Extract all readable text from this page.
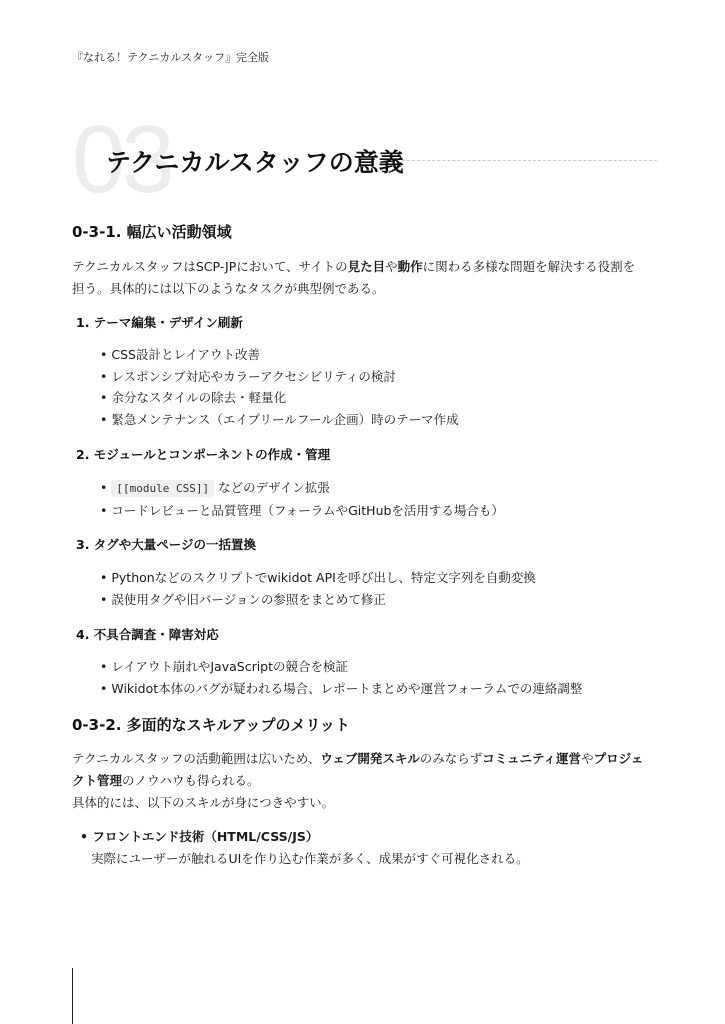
『なれる！テクニカルスタッフ』完全版
03
テクニカルスタッフの意義
0-3-1. 幅広い活動領域
テクニカルスタッフはSCP-JPにおいて、サイトの見た目や動作に関わる多様な問題を解決する役割を
担う。具体的には以下のようなタスクが典型例である。
1. テーマ編集・デザイン刷新
• CSS設計とレイアウト改善
• レスポンシブ対応やカラーアクセシビリティの検討
• 余分なスタイルの除去・軽量化
• 緊急メンテナンス（エイプリールフール企画）時のテーマ作成
2. モジュールとコンポーネントの作成・管理
• [[module CSS]] などのデザイン拡張
• コードレビューと品質管理（フォーラムやGitHubを活用する場合も）
3. タグや大量ページの一括置換
• Pythonなどのスクリプトでwikidot APIを呼び出し、特定文字列を自動変換
• 誤使用タグや旧バージョンの参照をまとめて修正
4. 不具合調査・障害対応
• レイアウト崩れやJavaScriptの競合を検証
• Wikidot本体のバグが疑われる場合、レポートまとめや運営フォーラムでの連絡調整
0-3-2. 多面的なスキルアップのメリット
テクニカルスタッフの活動範囲は広いため、ウェブ開発スキルのみならずコミュニティ運営やプロジェ
クト管理のノウハウも得られる。
具体的には、以下のスキルが身につきやすい。
• フロントエンド技術（HTML/CSS/JS）
実際にユーザーが触れるUIを作り込む作業が多く、成果がすぐ可視化される。
